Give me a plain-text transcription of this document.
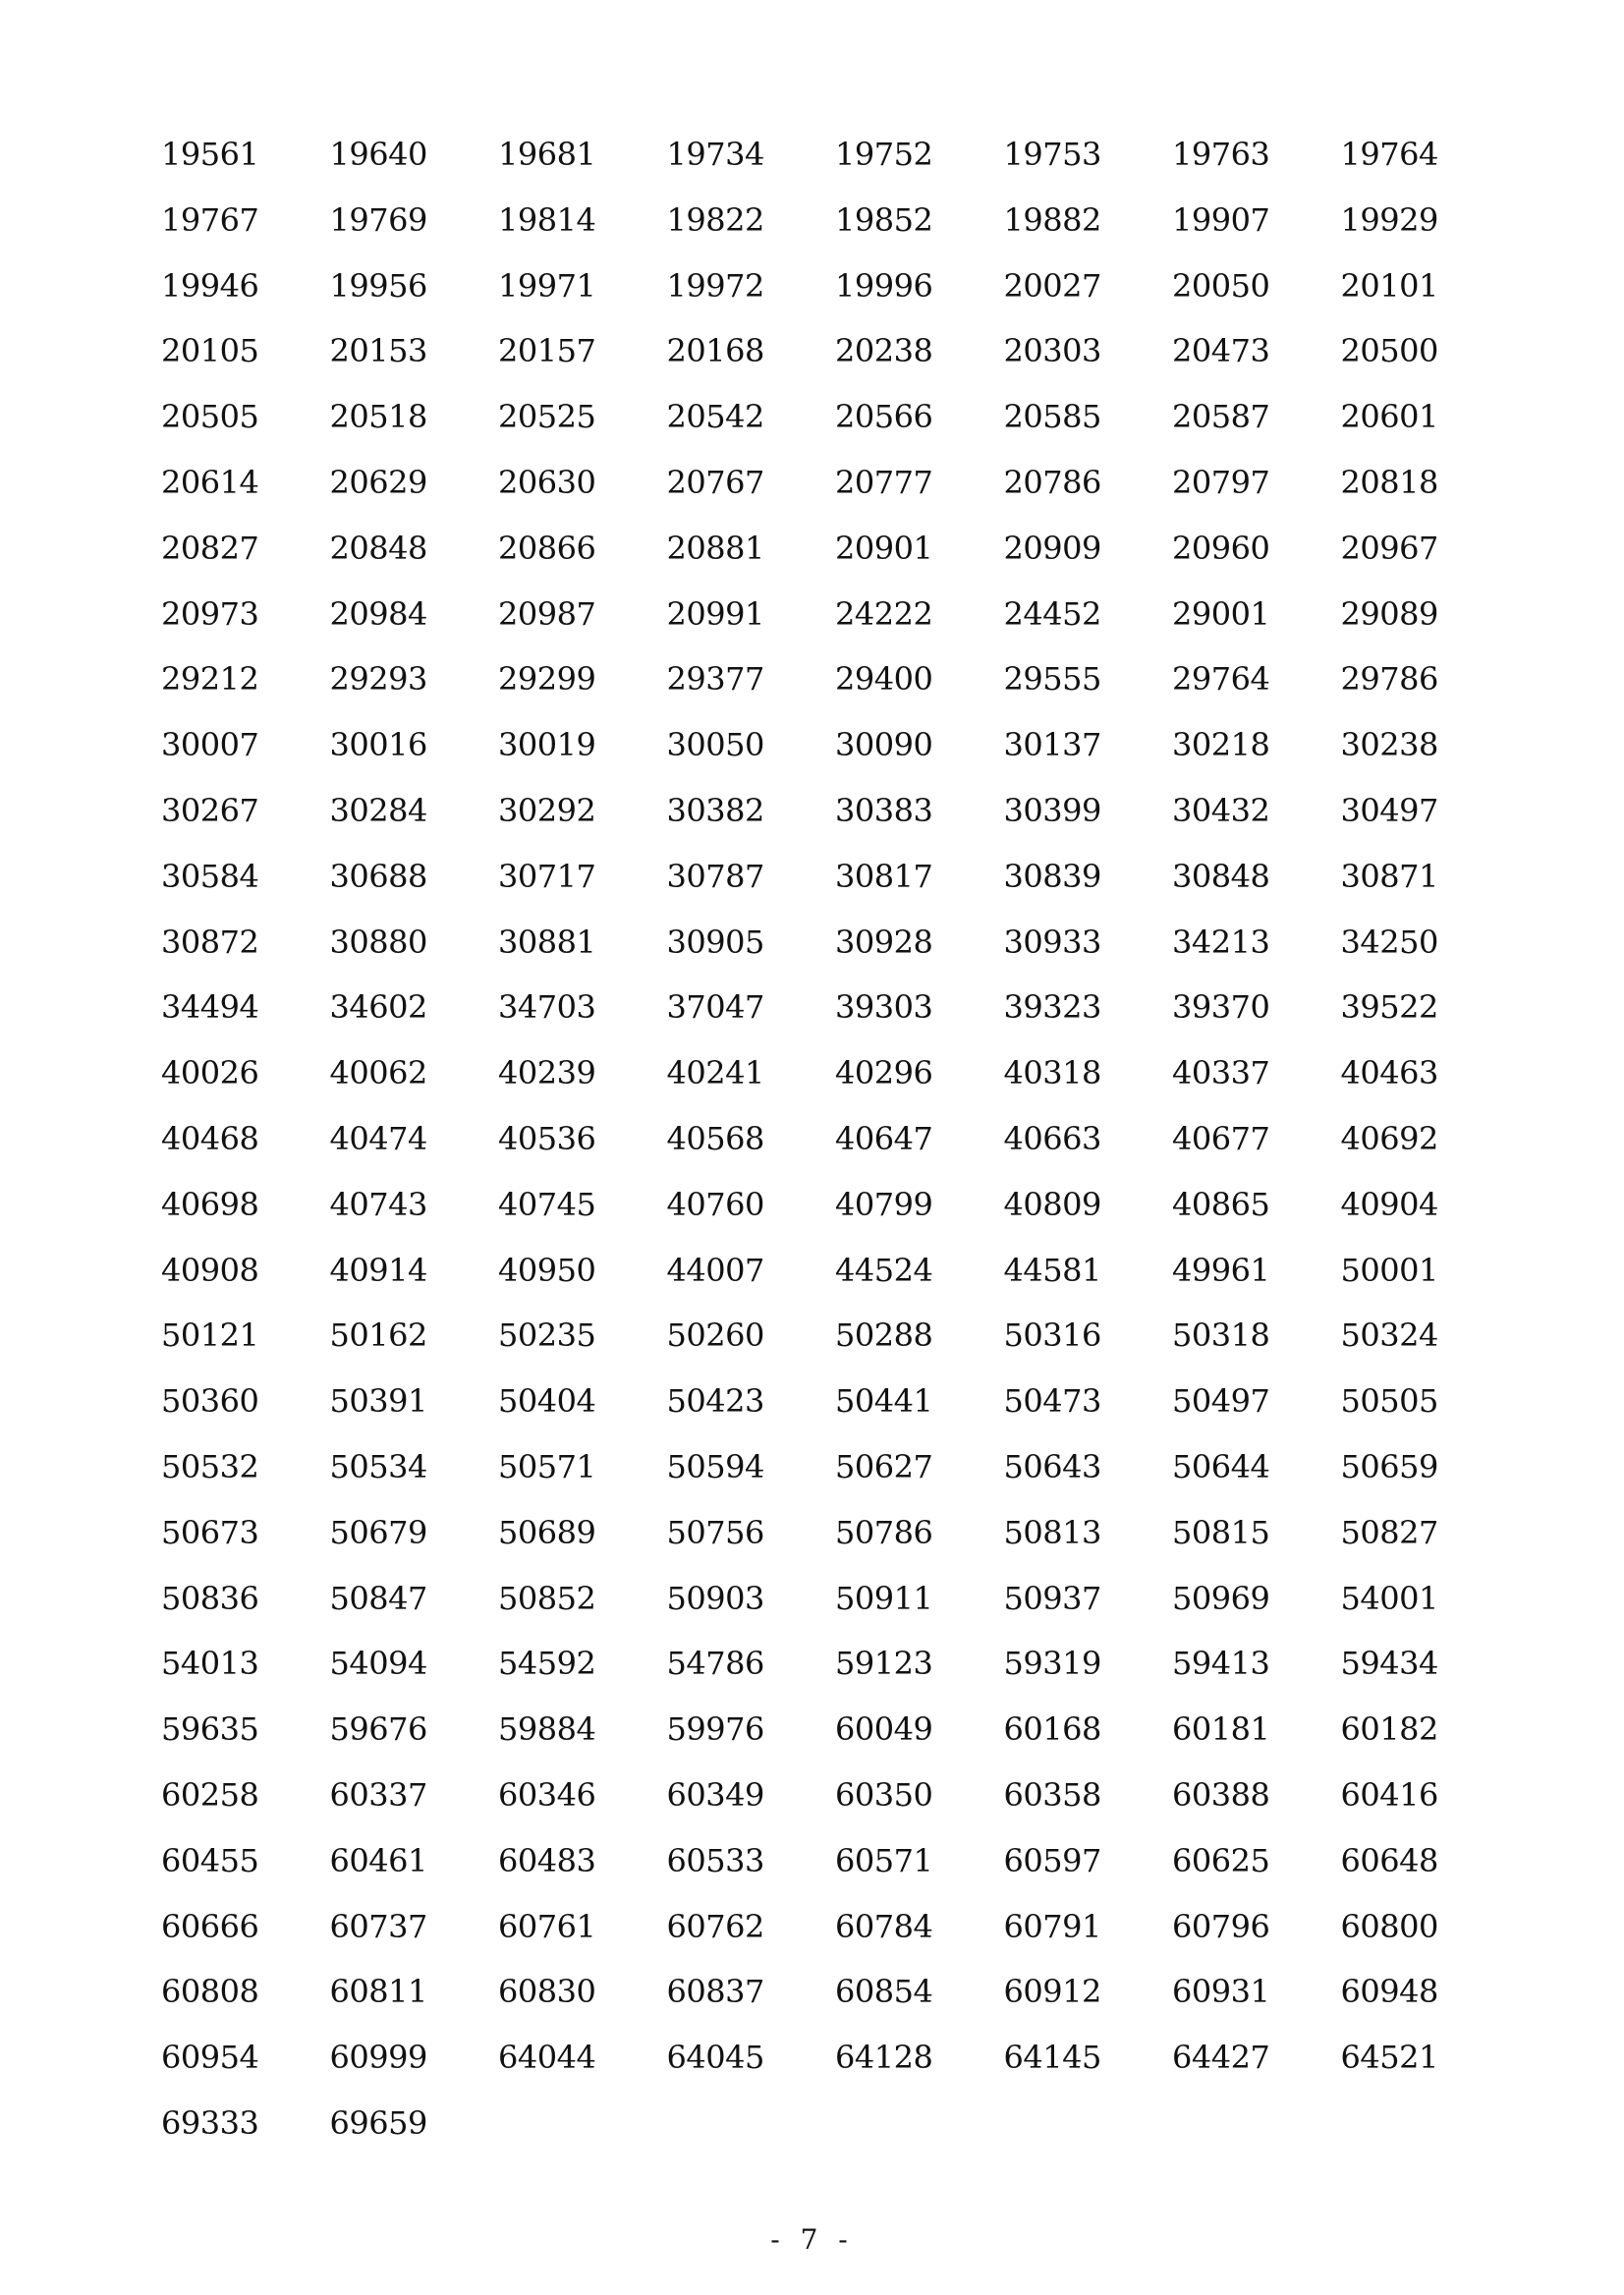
19561	19640	19681	19734	19752	19753	19763	19764
19767	19769	19814	19822	19852	19882	19907	19929
19946	19956	19971	19972	19996	20027	20050	20101
20105	20153	20157	20168	20238	20303	20473	20500
20505	20518	20525	20542	20566	20585	20587	20601
20614	20629	20630	20767	20777	20786	20797	20818
20827	20848	20866	20881	20901	20909	20960	20967
20973	20984	20987	20991	24222	24452	29001	29089
29212	29293	29299	29377	29400	29555	29764	29786
30007	30016	30019	30050	30090	30137	30218	30238
30267	30284	30292	30382	30383	30399	30432	30497
30584	30688	30717	30787	30817	30839	30848	30871
30872	30880	30881	30905	30928	30933	34213	34250
34494	34602	34703	37047	39303	39323	39370	39522
40026	40062	40239	40241	40296	40318	40337	40463
40468	40474	40536	40568	40647	40663	40677	40692
40698	40743	40745	40760	40799	40809	40865	40904
40908	40914	40950	44007	44524	44581	49961	50001
50121	50162	50235	50260	50288	50316	50318	50324
50360	50391	50404	50423	50441	50473	50497	50505
50532	50534	50571	50594	50627	50643	50644	50659
50673	50679	50689	50756	50786	50813	50815	50827
50836	50847	50852	50903	50911	50937	50969	54001
54013	54094	54592	54786	59123	59319	59413	59434
59635	59676	59884	59976	60049	60168	60181	60182
60258	60337	60346	60349	60350	60358	60388	60416
60455	60461	60483	60533	60571	60597	60625	60648
60666	60737	60761	60762	60784	60791	60796	60800
60808	60811	60830	60837	60854	60912	60931	60948
60954	60999	64044	64045	64128	64145	64427	64521
69333	69659
- 7 -
